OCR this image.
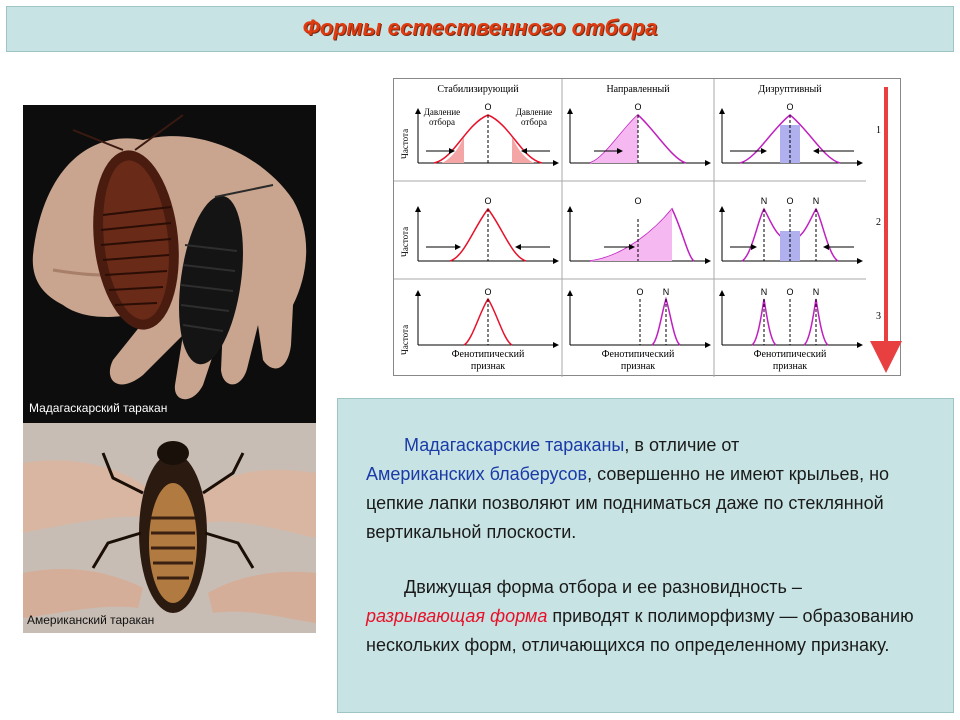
Формы естественного отбора
Мадагаскарский таракан
Американский таракан
Стабилизирующий	Направленный	Дизруптивный
Частота
Частота
Частота
O
Давление
отбора
Давление
отбора
O	O
1
O	O	N O N
2
O	O N	N O N
3
Фенотипический
признак
Фенотипический
признак
Фенотипический
признак
Мадагаскарские тараканы, в отличие от
Американских блаберусов, совершенно не имеют крыльев, но цепкие лапки позволяют им подниматься даже по стеклянной вертикальной плоскости.
Движущая форма отбора и ее разновидность –
разрывающая форма приводят к полиморфизму — образованию нескольких форм, отличающихся по определенному признаку.
